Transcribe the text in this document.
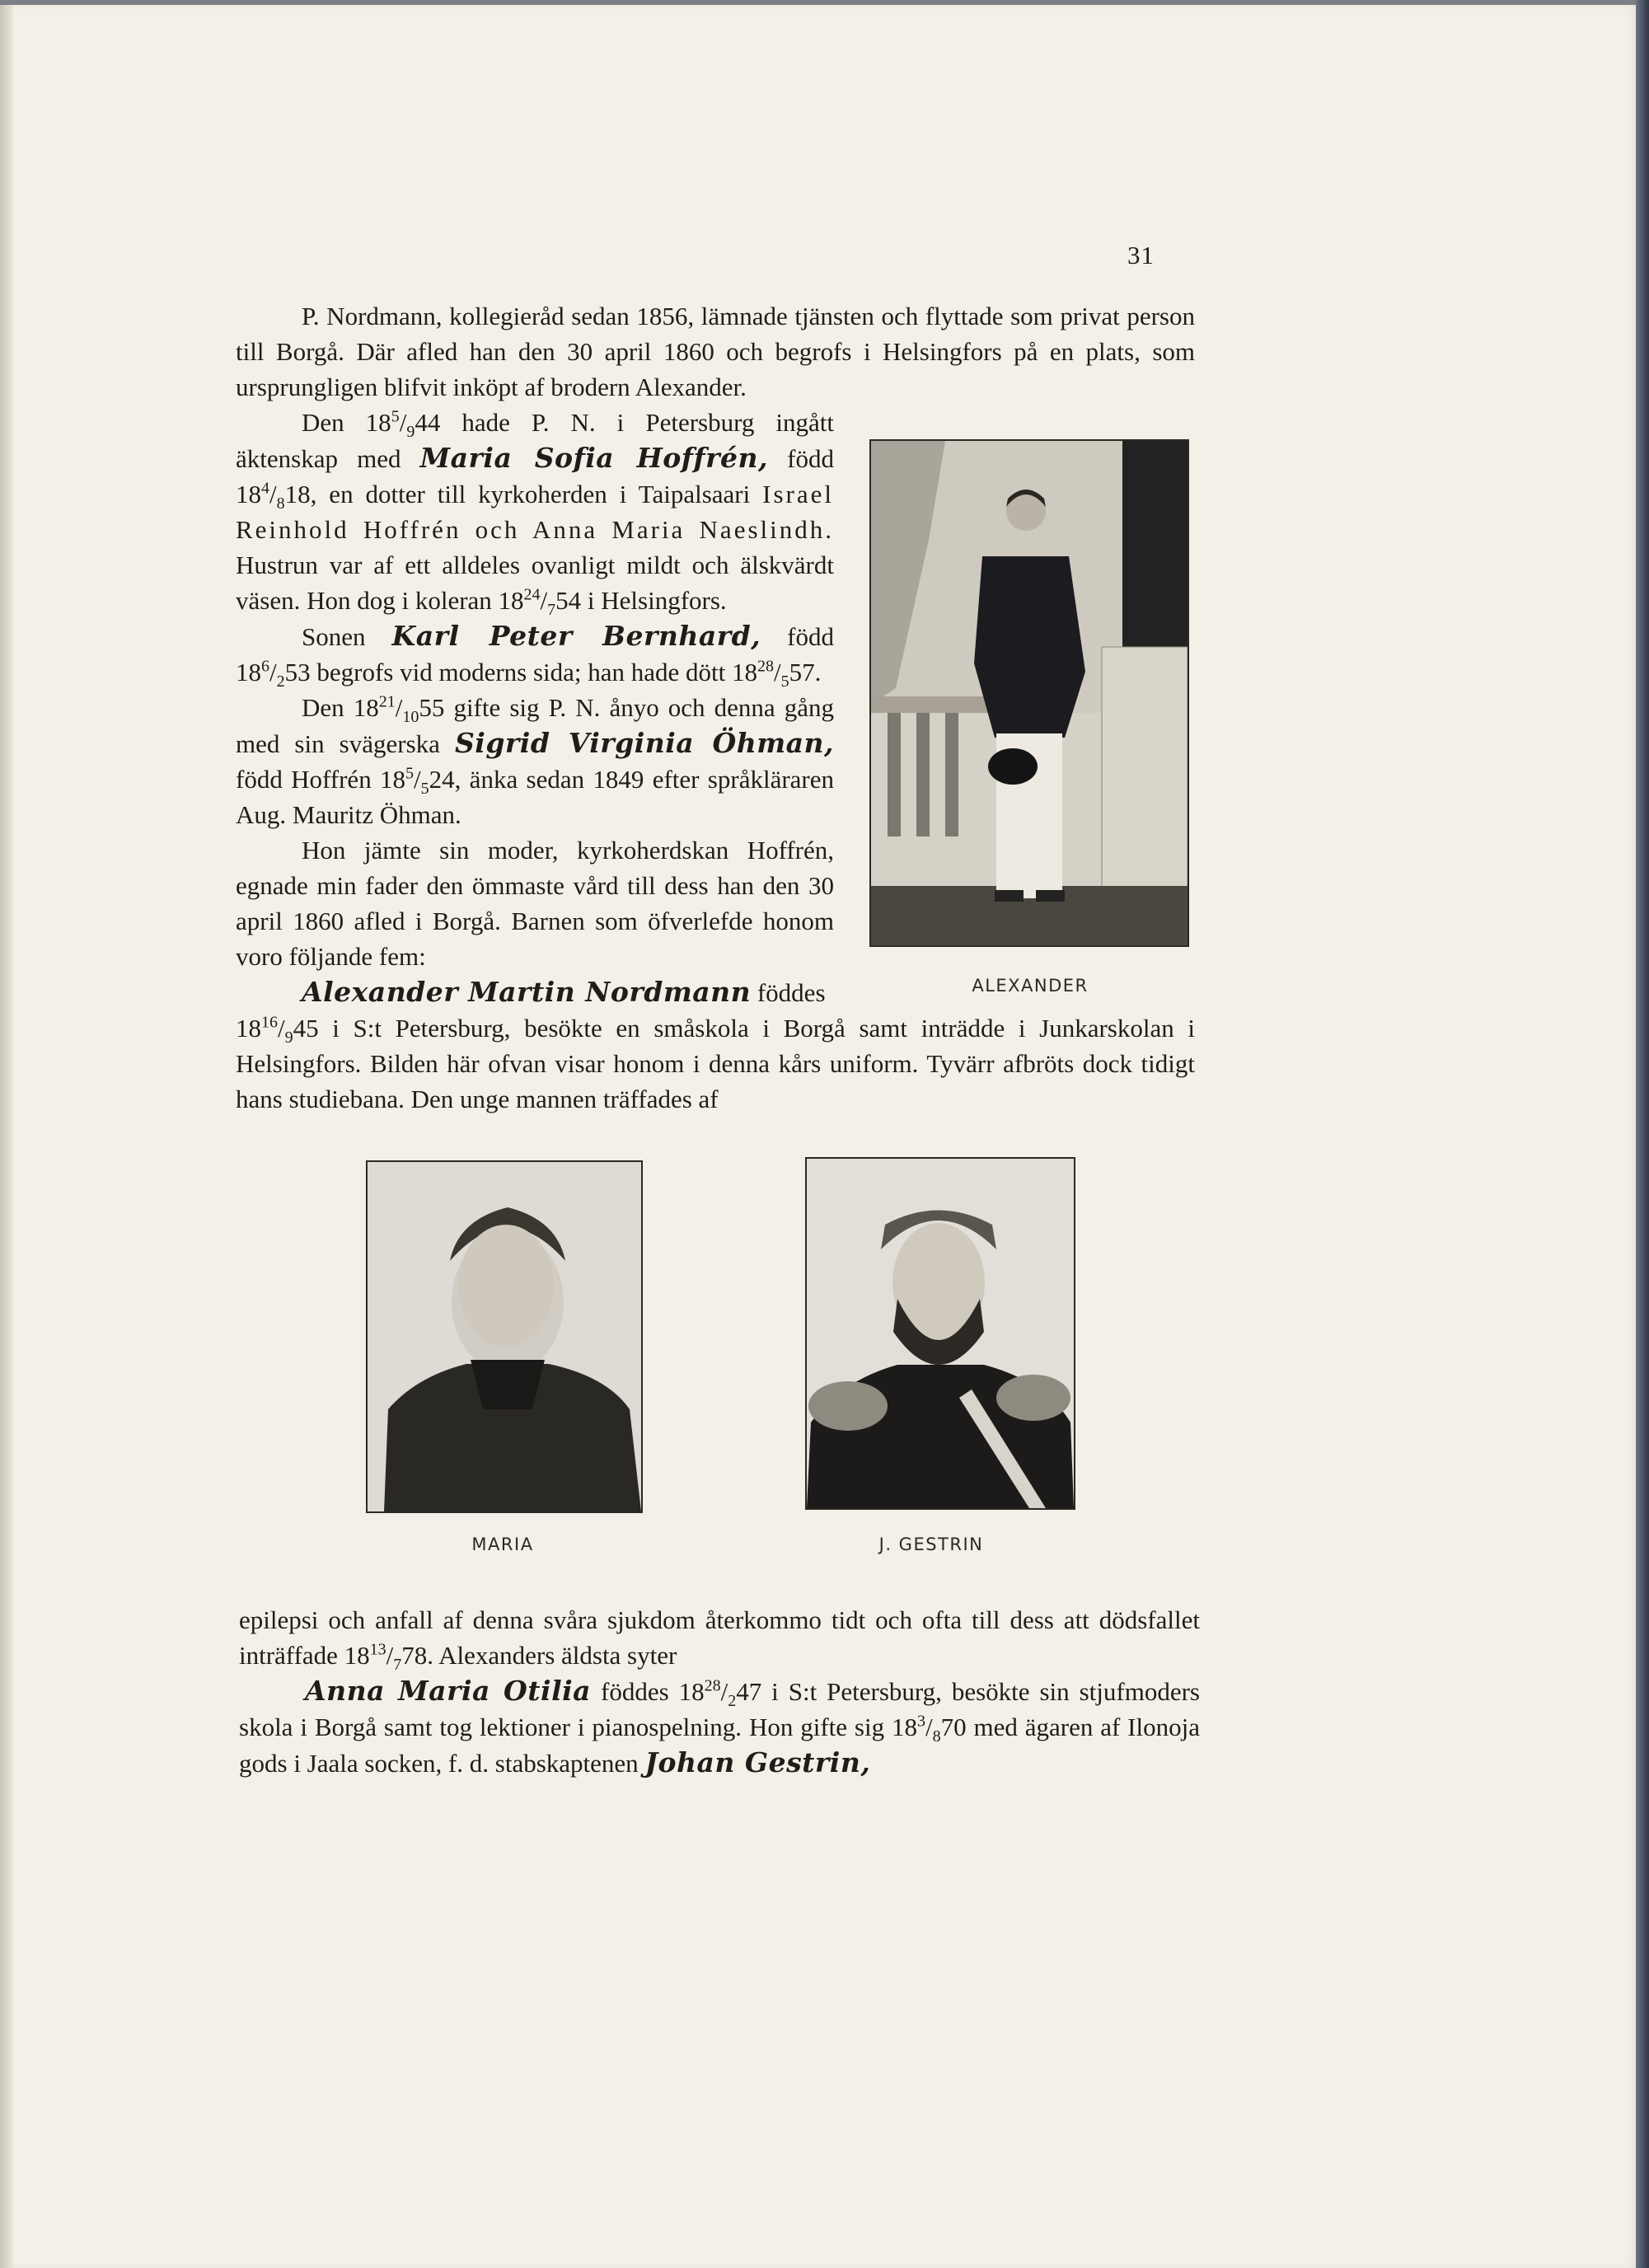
31

P. Nordmann, kollegieråd sedan 1856, lämnade tjänsten och flyttade som privat person till Borgå. Där afled han den 30 april 1860 och begrofs i Helsingfors på en plats, som ursprungligen blifvit inköpt af brodern Alexander.

Den $18^5/_944$ hade P. N. i Petersburg ingått äktenskap med Maria Sofia Hoffrén, född $18^4/_818$, en dotter till kyrkoherden i Taipalsaari Israel Reinhold Hoffrén och Anna Maria Naeslindh. Hustrun var af ett alldeles ovanligt mildt och älskvärdt väsen. Hon dog i koleran $18^{24}/_754$ i Helsingfors.

Sonen Karl Peter Bernhard, född $18^6/_253$ begrofs vid moderns sida; han hade dött $18^{28}/_557$.

Den $18^{21}/_{10}55$ gifte sig P. N. ånyo och denna gång med sin svägerska Sigrid Virginia Öhman, född Hoffrén $18^5/_524$, änka sedan 1849 efter språkläraren Aug. Mauritz Öhman.

Hon jämte sin moder, kyrkoherdskan Hoffrén, egnade min fader den ömmaste vård till dess han den 30 april 1860 afled i Borgå. Barnen som öfverlefde honom voro följande fem:

Alexander Martin Nordmann föddes
$18^{16}/_945$ i S:t Petersburg, besökte en småskola i Borgå samt inträdde i Junkarskolan i Helsingfors. Bilden här ofvan visar honom i denna kårs uniform. Tyvärr afbröts dock tidigt hans studiebana. Den unge mannen träffades af

ALEXANDER
MARIA	J. GESTRIN

epilepsi och anfall af denna svåra sjukdom återkommo tidt och ofta till dess att dödsfallet inträffade $18^{13}/_778$. Alexanders äldsta syter

Anna Maria Otilia föddes $18^{28}/_247$ i S:t Petersburg, besökte sin stjufmoders skola i Borgå samt tog lektioner i pianospelning. Hon gifte sig $18^3/_870$ med ägaren af Ilonoja gods i Jaala socken, f. d. stabskaptenen Johan Gestrin,
